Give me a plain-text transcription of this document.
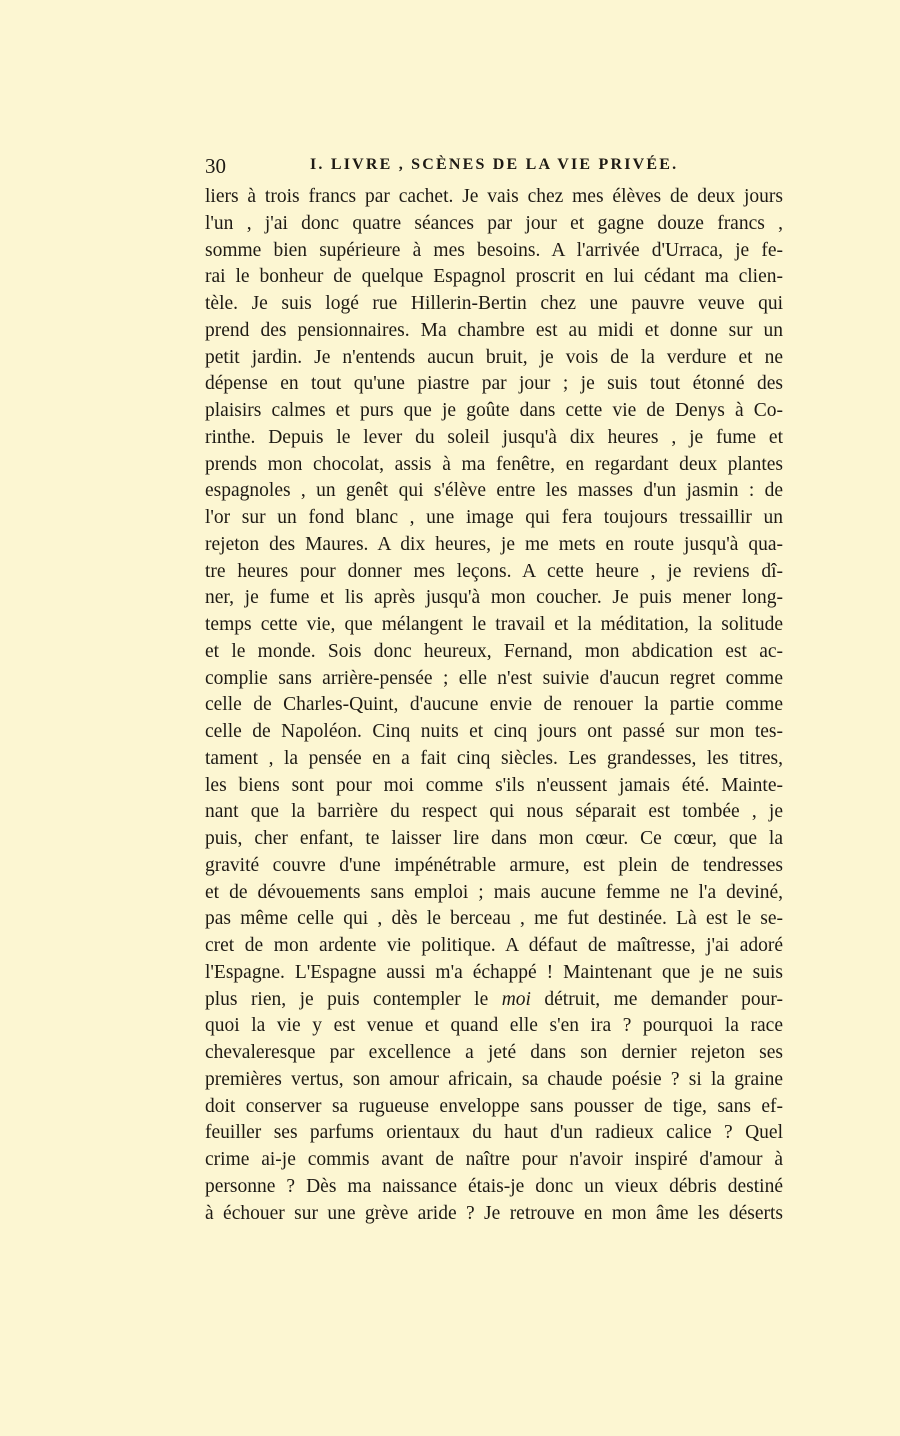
30	I. LIVRE , SCÈNES DE LA VIE PRIVÉE.
liers à trois francs par cachet. Je vais chez mes élèves de deux jours
l'un , j'ai donc quatre séances par jour et gagne douze francs ,
somme bien supérieure à mes besoins. A l'arrivée d'Urraca, je fe-
rai le bonheur de quelque Espagnol proscrit en lui cédant ma clien-
tèle. Je suis logé rue Hillerin-Bertin chez une pauvre veuve qui
prend des pensionnaires. Ma chambre est au midi et donne sur un
petit jardin. Je n'entends aucun bruit, je vois de la verdure et ne
dépense en tout qu'une piastre par jour ; je suis tout étonné des
plaisirs calmes et purs que je goûte dans cette vie de Denys à Co-
rinthe. Depuis le lever du soleil jusqu'à dix heures , je fume et
prends mon chocolat, assis à ma fenêtre, en regardant deux plantes
espagnoles , un genêt qui s'élève entre les masses d'un jasmin : de
l'or sur un fond blanc , une image qui fera toujours tressaillir un
rejeton des Maures. A dix heures, je me mets en route jusqu'à qua-
tre heures pour donner mes leçons. A cette heure , je reviens dî-
ner, je fume et lis après jusqu'à mon coucher. Je puis mener long-
temps cette vie, que mélangent le travail et la méditation, la solitude
et le monde. Sois donc heureux, Fernand, mon abdication est ac-
complie sans arrière-pensée ; elle n'est suivie d'aucun regret comme
celle de Charles-Quint, d'aucune envie de renouer la partie comme
celle de Napoléon. Cinq nuits et cinq jours ont passé sur mon tes-
tament , la pensée en a fait cinq siècles. Les grandesses, les titres,
les biens sont pour moi comme s'ils n'eussent jamais été. Mainte-
nant que la barrière du respect qui nous séparait est tombée , je
puis, cher enfant, te laisser lire dans mon cœur. Ce cœur, que la
gravité couvre d'une impénétrable armure, est plein de tendresses
et de dévouements sans emploi ; mais aucune femme ne l'a deviné,
pas même celle qui , dès le berceau , me fut destinée. Là est le se-
cret de mon ardente vie politique. A défaut de maîtresse, j'ai adoré
l'Espagne. L'Espagne aussi m'a échappé ! Maintenant que je ne suis
plus rien, je puis contempler le moi détruit, me demander pour-
quoi la vie y est venue et quand elle s'en ira ? pourquoi la race
chevaleresque par excellence a jeté dans son dernier rejeton ses
premières vertus, son amour africain, sa chaude poésie ? si la graine
doit conserver sa rugueuse enveloppe sans pousser de tige, sans ef-
feuiller ses parfums orientaux du haut d'un radieux calice ? Quel
crime ai-je commis avant de naître pour n'avoir inspiré d'amour à
personne ? Dès ma naissance étais-je donc un vieux débris destiné
à échouer sur une grève aride ? Je retrouve en mon âme les déserts
